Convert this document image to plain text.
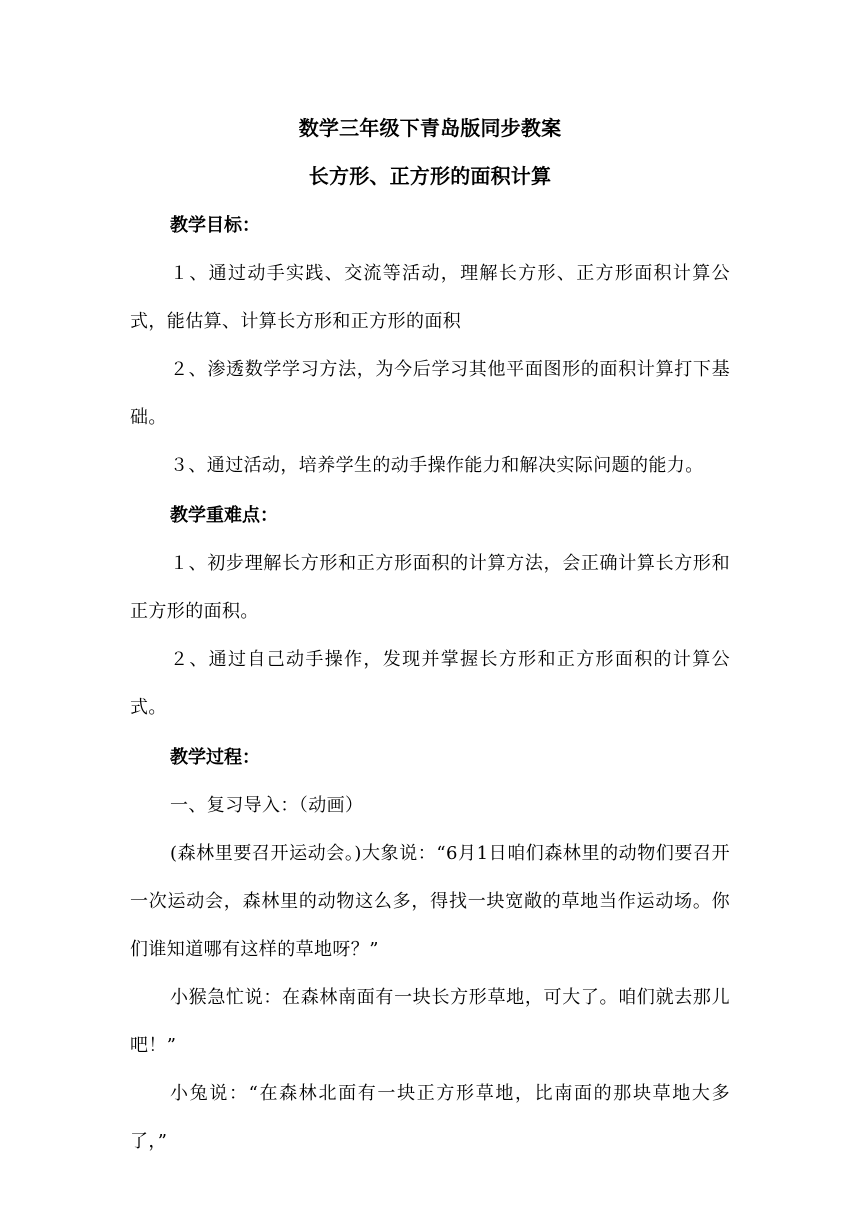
数学三年级下青岛版同步教案
长方形、正方形的面积计算
教学目标：

１、通过动手实践、交流等活动，理解长方形、正方形面积计算公式，能估算、计算长方形和正方形的面积

２、渗透数学学习方法，为今后学习其他平面图形的面积计算打下基础。

３、通过活动，培养学生的动手操作能力和解决实际问题的能力。

教学重难点：

１、初步理解长方形和正方形面积的计算方法，会正确计算长方形和正方形的面积。

２、通过自己动手操作，发现并掌握长方形和正方形面积的计算公式。

教学过程：

一、复习导入：（动画）

(森林里要召开运动会。)大象说：“6月1日咱们森林里的动物们要召开一次运动会，森林里的动物这么多，得找一块宽敞的草地当作运动场。你们谁知道哪有这样的草地呀？”

小猴急忙说：在森林南面有一块长方形草地，可大了。咱们就去那儿吧！”

小兔说：“在森林北面有一块正方形草地，比南面的那块草地大多了，”
